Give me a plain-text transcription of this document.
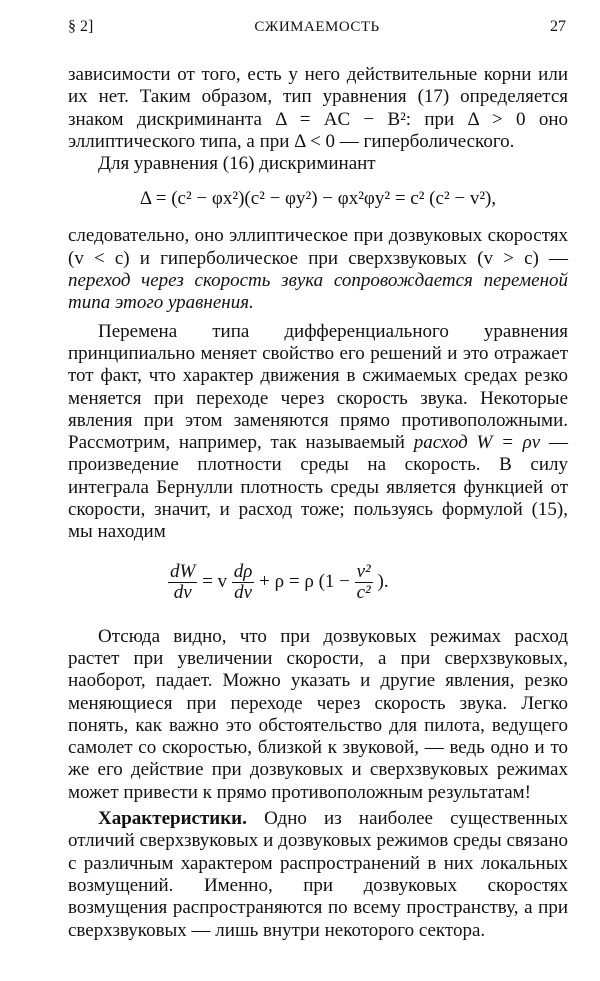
§ 2]	СЖИМАЕМОСТЬ	27

зависимости от того, есть у него действительные корни или их нет. Таким образом, тип уравнения (17) определяется знаком дискриминанта Δ = AC − B²: при Δ > 0 оно эллиптического типа, а при Δ < 0 — гиперболического.

Для уравнения (16) дискриминант

Δ = (c² − φx²)(c² − φy²) − φx²φy² = c² (c² − v²),

следовательно, оно эллиптическое при дозвуковых скоростях (v < c) и гиперболическое при сверхзвуковых (v > c) — переход через скорость звука сопровождается переменой типа этого уравнения.

Перемена типа дифференциального уравнения принципиально меняет свойство его решений и это отражает тот факт, что характер движения в сжимаемых средах резко меняется при переходе через скорость звука. Некоторые явления при этом заменяются прямо противоположными. Рассмотрим, например, так называемый расход W = ρv — произведение плотности среды на скорость. В силу интеграла Бернулли плотность среды является функцией от скорости, значит, и расход тоже; пользуясь формулой (15), мы находим

$\frac{dW}{dv} = v \frac{d\rho}{dv} + \rho = \rho$ ($1 - \frac{\text{v²}}{\text{c²}}$ ).

Отсюда видно, что при дозвуковых режимах расход растет при увеличении скорости, а при сверхзвуковых, наоборот, падает. Можно указать и другие явления, резко меняющиеся при переходе через скорость звука. Легко понять, как важно это обстоятельство для пилота, ведущего самолет со скоростью, близкой к звуковой, — ведь одно и то же его действие при дозвуковых и сверхзвуковых режимах может привести к прямо противоположным результатам!

Характеристики. Одно из наиболее существенных отличий сверхзвуковых и дозвуковых режимов среды связано с различным характером распространений в них локальных возмущений. Именно, при дозвуковых скоростях возмущения распространяются по всему пространству, а при сверхзвуковых — лишь внутри некоторого сектора.
